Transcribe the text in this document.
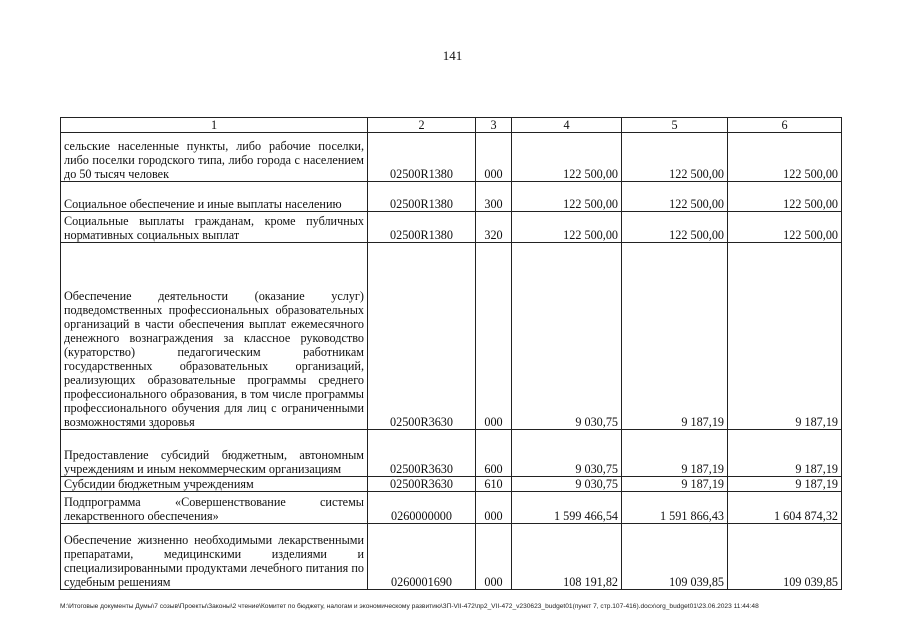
141
1	2	3	4	5	6
сельские населенные пункты, либо рабочие поселки, либо поселки городского типа, либо города с населением до 50 тысяч человек	02500R1380	000	122 500,00	122 500,00	122 500,00
Социальное обеспечение и иные выплаты населению	02500R1380	300	122 500,00	122 500,00	122 500,00
Социальные выплаты гражданам, кроме публичных нормативных социальных выплат	02500R1380	320	122 500,00	122 500,00	122 500,00
Обеспечение деятельности (оказание услуг) подведомственных профессиональных образовательных организаций в части обеспечения выплат ежемесячного денежного вознаграждения за классное руководство (кураторство) педагогическим работникам государственных образовательных организаций, реализующих образовательные программы среднего профессионального образования, в том числе программы профессионального обучения для лиц с ограниченными возможностями здоровья	02500R3630	000	9 030,75	9 187,19	9 187,19
Предоставление субсидий бюджетным, автономным учреждениям и иным некоммерческим организациям	02500R3630	600	9 030,75	9 187,19	9 187,19
Субсидии бюджетным учреждениям	02500R3630	610	9 030,75	9 187,19	9 187,19
Подпрограмма «Совершенствование системы лекарственного обеспечения»	0260000000	000	1 599 466,54	1 591 866,43	1 604 874,32
Обеспечение жизненно необходимыми лекарственными препаратами, медицинскими изделиями и специализированными продуктами лечебного питания по судебным решениям	0260001690	000	108 191,82	109 039,85	109 039,85
M:\Итоговые документы Думы\7 созыв\Проекты\Законы\2 чтение\Комитет по бюджету, налогам и экономическому развитию\ЗП-VII-472\пр2_VII-472_v230623_budget01(пункт 7, стр.107-416).docx\org_budget01\23.06.2023 11:44:48
